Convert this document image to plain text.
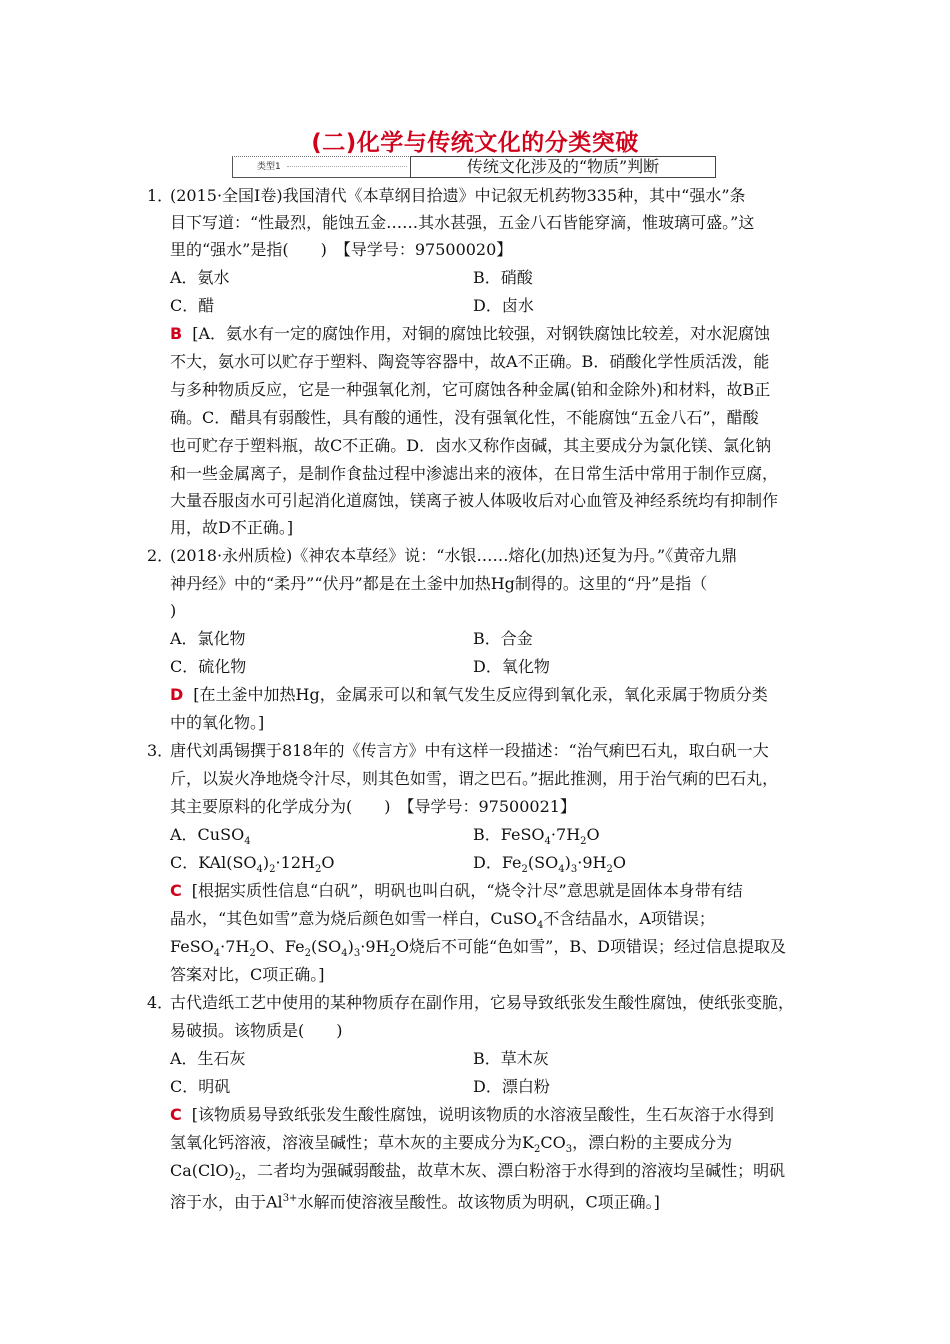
(二)化学与传统文化的分类突破
类型1	传统文化涉及的“物质”判断
1．
(2015·全国Ⅰ卷)我国清代《本草纲目拾遗》中记叙无机药物335种，其中“强水”条
目下写道：“性最烈，能蚀五金……其水甚强，五金八石皆能穿滴，惟玻璃可盛。”这
里的“强水”是指(　　)　【导学号：97500020】
A．氨水	B．硝酸
C．醋	D．卤水
B [A．氨水有一定的腐蚀作用，对铜的腐蚀比较强，对钢铁腐蚀比较差，对水泥腐蚀
不大，氨水可以贮存于塑料、陶瓷等容器中，故A不正确。B．硝酸化学性质活泼，能
与多种物质反应，它是一种强氧化剂，它可腐蚀各种金属(铂和金除外)和材料，故B正
确。C．醋具有弱酸性，具有酸的通性，没有强氧化性，不能腐蚀“五金八石”，醋酸
也可贮存于塑料瓶，故C不正确。D．卤水又称作卤碱，其主要成分为氯化镁、氯化钠
和一些金属离子，是制作食盐过程中渗滤出来的液体，在日常生活中常用于制作豆腐，
大量吞服卤水可引起消化道腐蚀，镁离子被人体吸收后对心血管及神经系统均有抑制作
用，故D不正确。]
2．
(2018·永州质检)《神农本草经》说：“水银……熔化(加热)还复为丹。”《黄帝九鼎
神丹经》中的“柔丹”“伏丹”都是在土釜中加热Hg制得的。这里的“丹”是指（
)
A．氯化物	B．合金
C．硫化物	D．氧化物
D [在土釜中加热Hg，金属汞可以和氧气发生反应得到氧化汞，氧化汞属于物质分类
中的氧化物。]
3．
唐代刘禹锡撰于818年的《传言方》中有这样一段描述：“治气痢巴石丸，取白矾一大
斤，以炭火净地烧令汁尽，则其色如雪，谓之巴石。”据此推测，用于治气痢的巴石丸，
其主要原料的化学成分为(　　)　【导学号：97500021】
A．CuSO$_4$	B．$FeSO_4\cdot 7H_2O$
C．$KAl(SO_4)_2\cdot 12H_2O$	D．$Fe_2(SO_4)_3\cdot 9H_2O$
C [根据实质性信息“白矾”，明矾也叫白矾，“烧令汁尽”意思就是固体本身带有结
晶水，“其色如雪”意为烧后颜色如雪一样白，CuSO$_4$不含结晶水，A项错误；
$FeSO_4\cdot 7H_2O$、$Fe_2(SO_4)_3\cdot 9H_2O$烧后不可能“色如雪”，B、D项错误；经过信息提取及
答案对比，C项正确。]
4．
古代造纸工艺中使用的某种物质存在副作用，它易导致纸张发生酸性腐蚀，使纸张变脆，
易破损。该物质是(　　)
A．生石灰	B．草木灰
C．明矾	D．漂白粉
C [该物质易导致纸张发生酸性腐蚀，说明该物质的水溶液呈酸性，生石灰溶于水得到
氢氧化钙溶液，溶液呈碱性；草木灰的主要成分为$K_2CO_3$，漂白粉的主要成分为
$Ca(ClO)_2$，二者均为强碱弱酸盐，故草木灰、漂白粉溶于水得到的溶液均呈碱性；明矾
溶于水，由于$Al^{3+}$水解而使溶液呈酸性。故该物质为明矾，C项正确。]
